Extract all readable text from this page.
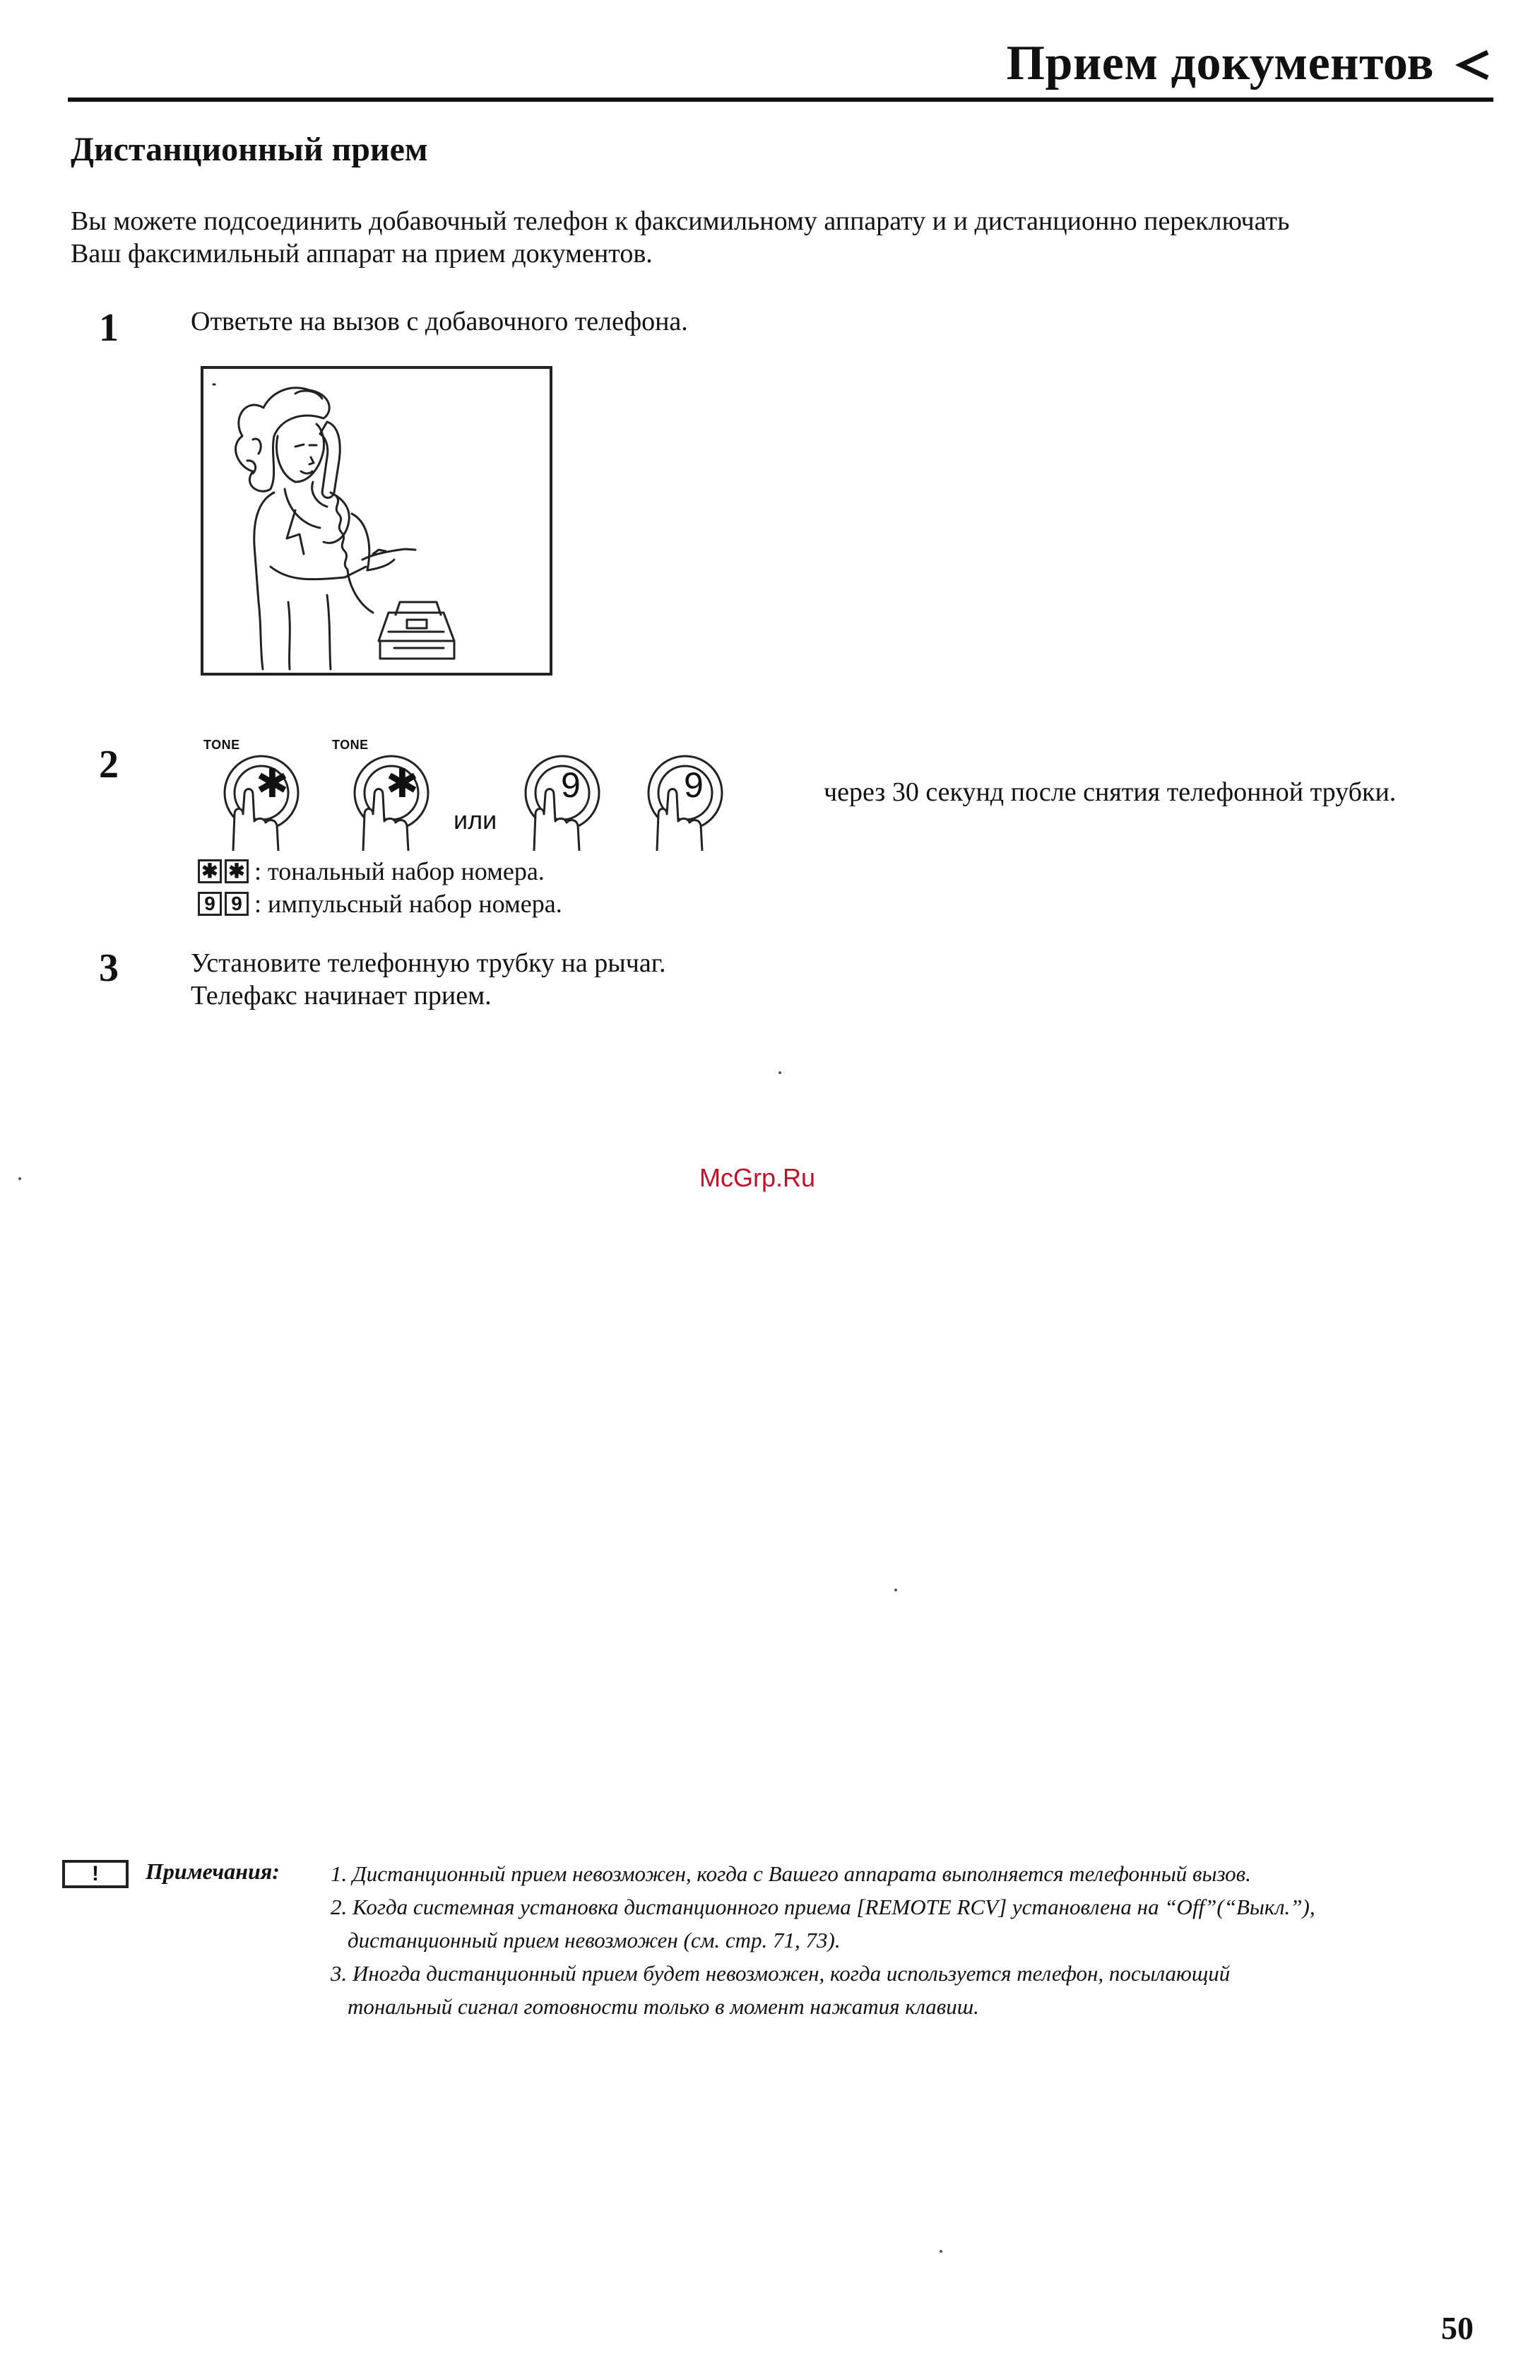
Прием документов
Дистанционный прием
Вы можете подсоединить добавочный телефон к факсимильному аппарату и и дистанционно переключать
Ваш факсимильный аппарат на прием документов.
1	Ответьте на вызов с добавочного телефона.
2	TONE
✱
TONE
✱
или
9	9	через 30 секунд после снятия телефонной трубки.
✱ ✱ : тональный набор номера.
9 9 : импульсный набор номера.
3	Установите телефонную трубку на рычаг.
Телефакс начинает прием.
McGrp.Ru
!	Примечания: 1. Дистанционный прием невозможен, когда с Вашего аппарата выполняется телефонный вызов.
2. Когда системная установка дистанционного приема [REMOTE RCV] установлена на “Off”(“Выкл.”),
дистанционный прием невозможен (см. стр. 71, 73).
3. Иногда дистанционный прием будет невозможен, когда используется телефон, посылающий
тональный сигнал готовности только в момент нажатия клавиш.
50
